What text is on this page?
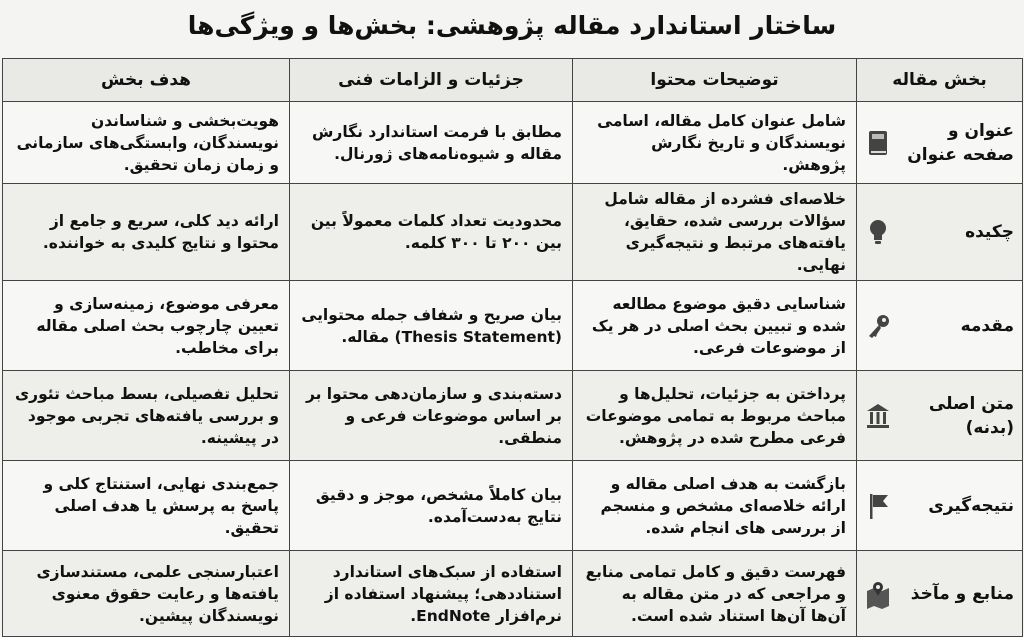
ساختار استاندارد مقاله پژوهشی: بخش‌ها و ویژگی‌ها
بخش مقاله	توضیحات محتوا	جزئیات و الزامات فنی	هدف بخش

عنوان و صفحه عنوان	شامل عنوان کامل مقاله، اسامی نویسندگان و تاریخ نگارش پژوهش.	مطابق با فرمت استاندارد نگارش مقاله و شیوه‌نامه‌های ژورنال.	هویت‌بخشی و شناساندن نویسندگان، وابستگی‌های سازمانی و زمان زمان تحقیق.

چکیده	خلاصه‌ای فشرده از مقاله شامل سؤالات بررسی شده، حقایق، یافته‌های مرتبط و نتیجه‌گیری نهایی.	محدودیت تعداد کلمات معمولاً بین بین ۲۰۰ تا ۳۰۰ کلمه.	ارائه دید کلی، سریع و جامع از محتوا و نتایج کلیدی به خواننده.

مقدمه	شناسایی دقیق موضوع مطالعه شده و تبیین بحث اصلی در هر یک از موضوعات فرعی.	بیان صریح و شفاف جمله محتوایی (Thesis Statement) مقاله.	معرفی موضوع، زمینه‌سازی و تعیین چارچوب بحث اصلی مقاله برای مخاطب.

متن اصلی (بدنه)	پرداختن به جزئیات، تحلیل‌ها و مباحث مربوط به تمامی موضوعات فرعی مطرح شده در پژوهش.	دسته‌بندی و سازمان‌دهی محتوا بر بر اساس موضوعات فرعی و منطقی.	تحلیل تفصیلی، بسط مباحث تئوری و بررسی یافته‌های تجربی موجود در پیشینه.

نتیجه‌گیری	بازگشت به هدف اصلی مقاله و ارائه خلاصه‌ای مشخص و منسجم از بررسی های انجام شده.	بیان کاملاً مشخص، موجز و دقیق نتایج به‌دست‌آمده.	جمع‌بندی نهایی، استنتاج کلی و پاسخ به پرسش یا هدف اصلی تحقیق.

منابع و مآخذ	فهرست دقیق و کامل تمامی منابع و مراجعی که در متن مقاله به آن‌ها آن‌ها استناد شده است.	استفاده از سبک‌های استاندارد استناددهی؛ پیشنهاد استفاده از نرم‌افزار EndNote.	اعتبارسنجی علمی، مستندسازی یافته‌ها و رعایت حقوق معنوی نویسندگان پیشین.
